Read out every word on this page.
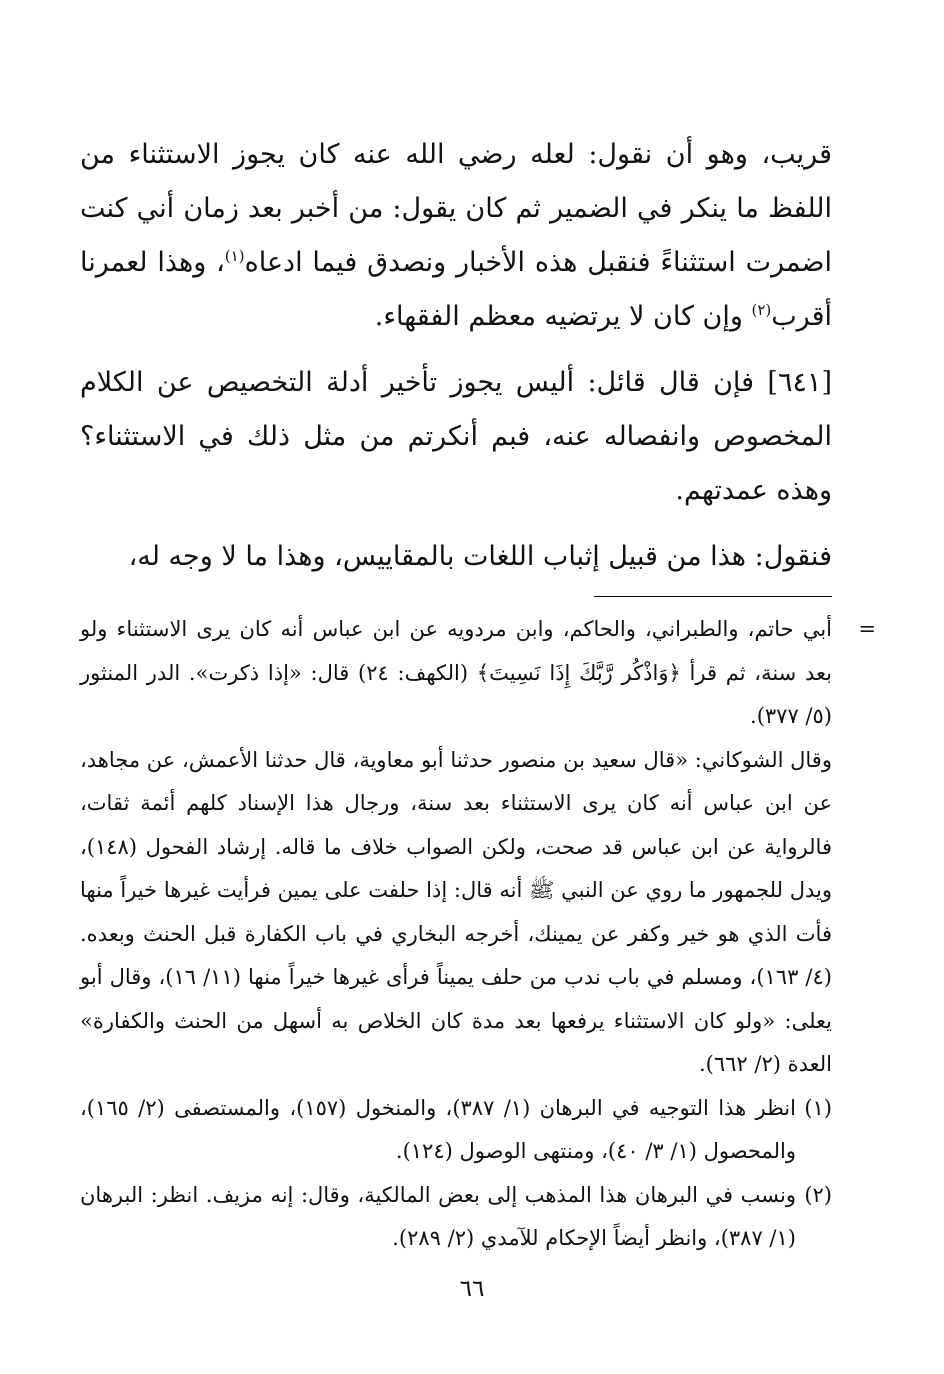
قريب، وهو أن نقول: لعله رضي الله عنه كان يجوز الاستثناء من اللفظ ما ينكر في الضمير ثم كان يقول: من أخبر بعد زمان أني كنت اضمرت استثناءً فنقبل هذه الأخبار ونصدق فيما ادعاه$^{(١)}$، وهذا لعمرنا أقرب$^{(٢)}$ وإن كان لا يرتضيه معظم الفقهاء.

[٦٤١] فإن قال قائل: أليس يجوز تأخير أدلة التخصيص عن الكلام المخصوص وانفصاله عنه، فبم أنكرتم من مثل ذلك في الاستثناء؟ وهذه عمدتهم.

فنقول: هذا من قبيل إثباب اللغات بالمقاييس، وهذا ما لا وجه له،

=

أبي حاتم، والطبراني، والحاكم، وابن مردويه عن ابن عباس أنه كان يرى الاستثناء ولو بعد سنة، ثم قرأ ﴿وَاذْكُر رَّبَّكَ إِذَا نَسِيتَ﴾ (الكهف: ٢٤) قال: «إذا ذكرت». الدر المنثور (٥/ ٣٧٧).

وقال الشوكاني: «قال سعيد بن منصور حدثنا أبو معاوية، قال حدثنا الأعمش، عن مجاهد، عن ابن عباس أنه كان يرى الاستثناء بعد سنة، ورجال هذا الإسناد كلهم أئمة ثقات، فالرواية عن ابن عباس قد صحت، ولكن الصواب خلاف ما قاله. إرشاد الفحول (١٤٨)، ويدل للجمهور ما روي عن النبي ﷺ أنه قال: إذا حلفت على يمين فرأيت غيرها خيراً منها فأت الذي هو خير وكفر عن يمينك، أخرجه البخاري في باب الكفارة قبل الحنث وبعده. (٤/ ١٦٣)، ومسلم في باب ندب من حلف يميناً فرأى غيرها خيراً منها (١١/ ١٦)، وقال أبو يعلى: «ولو كان الاستثناء يرفعها بعد مدة كان الخلاص به أسهل من الحنث والكفارة» العدة (٢/ ٦٦٢).

(١)
انظر هذا التوجيه في البرهان (١/ ٣٨٧)، والمنخول (١٥٧)، والمستصفى (٢/ ١٦٥)، والمحصول (١/ ٣/ ٤٠)، ومنتهى الوصول (١٢٤).
(٢)
ونسب في البرهان هذا المذهب إلى بعض المالكية، وقال: إنه مزيف. انظر: البرهان (١/ ٣٨٧)، وانظر أيضاً الإحكام للآمدي (٢/ ٢٨٩).
٦٦
